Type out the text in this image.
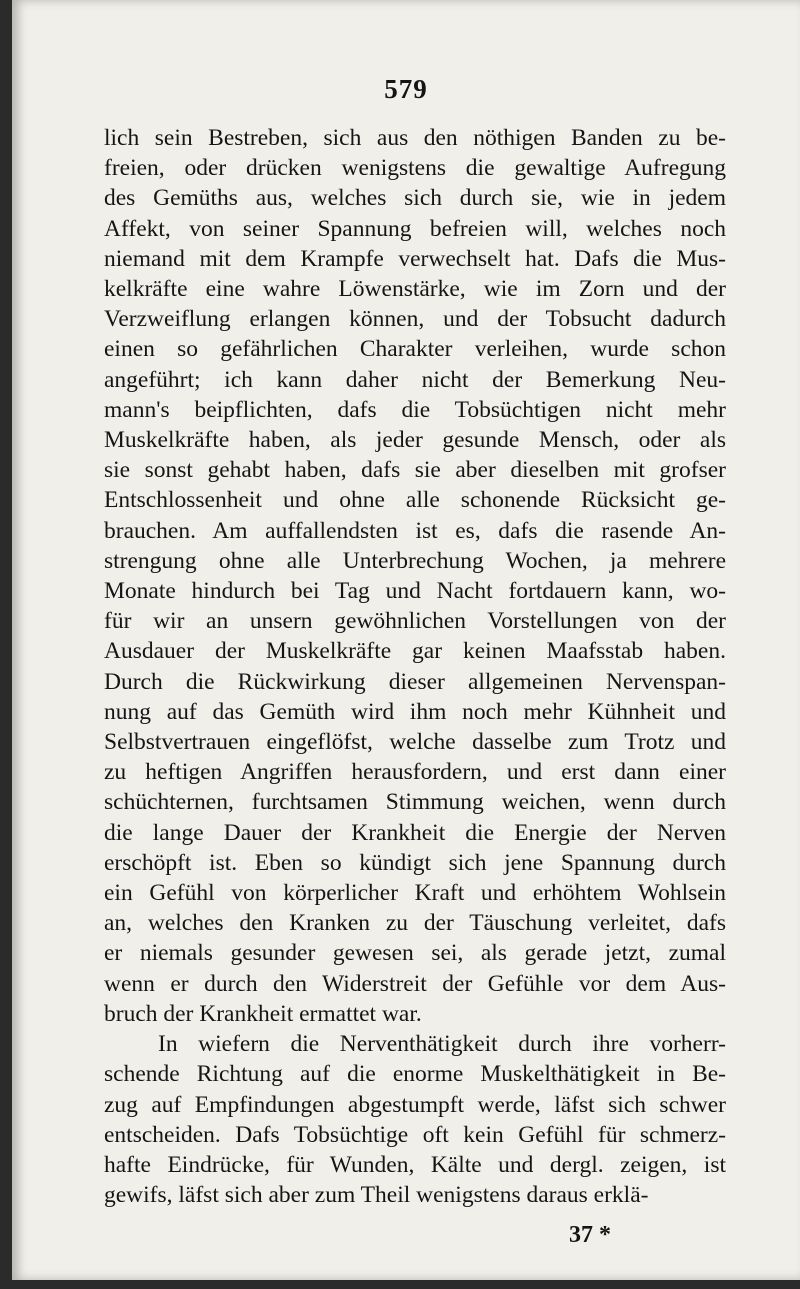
579
lich sein Bestreben, sich aus den nöthigen Banden zu be-
freien, oder drücken wenigstens die gewaltige Aufregung
des Gemüths aus, welches sich durch sie, wie in jedem
Affekt, von seiner Spannung befreien will, welches noch
niemand mit dem Krampfe verwechselt hat. Dafs die Mus-
kelkräfte eine wahre Löwenstärke, wie im Zorn und der
Verzweiflung erlangen können, und der Tobsucht dadurch
einen so gefährlichen Charakter verleihen, wurde schon
angeführt; ich kann daher nicht der Bemerkung Neu-
mann's beipflichten, dafs die Tobsüchtigen nicht mehr
Muskelkräfte haben, als jeder gesunde Mensch, oder als
sie sonst gehabt haben, dafs sie aber dieselben mit grofser
Entschlossenheit und ohne alle schonende Rücksicht ge-
brauchen. Am auffallendsten ist es, dafs die rasende An-
strengung ohne alle Unterbrechung Wochen, ja mehrere
Monate hindurch bei Tag und Nacht fortdauern kann, wo-
für wir an unsern gewöhnlichen Vorstellungen von der
Ausdauer der Muskelkräfte gar keinen Maafsstab haben.
Durch die Rückwirkung dieser allgemeinen Nervenspan-
nung auf das Gemüth wird ihm noch mehr Kühnheit und
Selbstvertrauen eingeflöfst, welche dasselbe zum Trotz und
zu heftigen Angriffen herausfordern, und erst dann einer
schüchternen, furchtsamen Stimmung weichen, wenn durch
die lange Dauer der Krankheit die Energie der Nerven
erschöpft ist. Eben so kündigt sich jene Spannung durch
ein Gefühl von körperlicher Kraft und erhöhtem Wohlsein
an, welches den Kranken zu der Täuschung verleitet, dafs
er niemals gesunder gewesen sei, als gerade jetzt, zumal
wenn er durch den Widerstreit der Gefühle vor dem Aus-
bruch der Krankheit ermattet war.
In wiefern die Nerventhätigkeit durch ihre vorherr-
schende Richtung auf die enorme Muskelthätigkeit in Be-
zug auf Empfindungen abgestumpft werde, läfst sich schwer
entscheiden. Dafs Tobsüchtige oft kein Gefühl für schmerz-
hafte Eindrücke, für Wunden, Kälte und dergl. zeigen, ist
gewifs, läfst sich aber zum Theil wenigstens daraus erklä-
37 *
